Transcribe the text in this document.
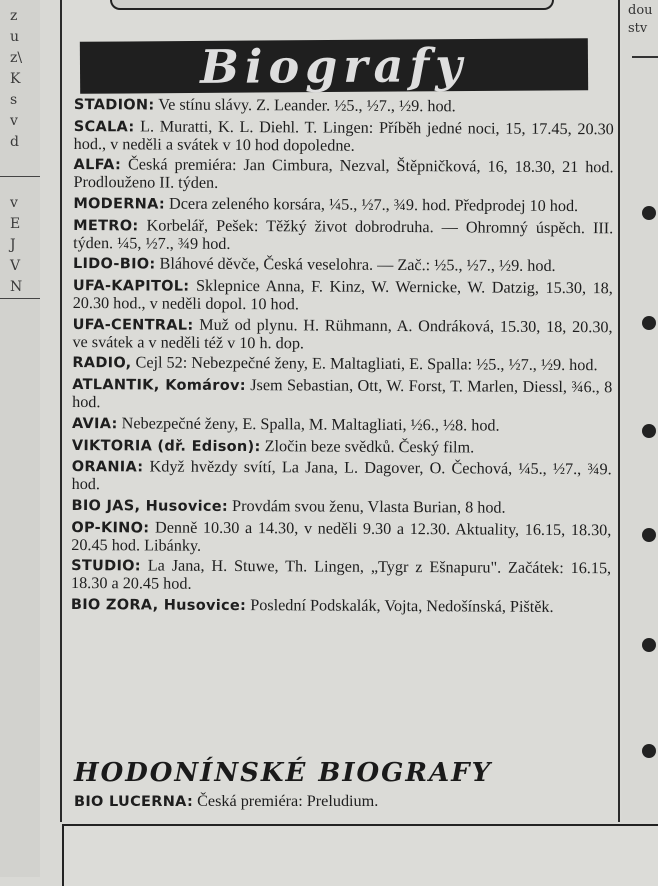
z
u
z\
K
s
v
d
v
E
J
V
N
Biografy

STADION: Ve stínu slávy. Z. Leander. ½5., ½7., ½9. hod.

SCALA: L. Muratti, K. L. Diehl. T. Lingen: Příběh jedné noci, 15, 17.45, 20.30 hod., v neděli a svátek v 10 hod dopoledne.

ALFA: Česká premiéra: Jan Cimbura, Nezval, Štěpničková, 16, 18.30, 21 hod. Prodlouženo II. týden.

MODERNA: Dcera zeleného korsára, ¼5., ½7., ¾9. hod. Předprodej 10 hod.

METRO: Korbelář, Pešek: Těžký život dobrodruha. — Ohromný úspěch. III. týden. ¼5, ½7., ¾9 hod.

LIDO-BIO: Bláhové děvče, Česká veselohra. — Zač.: ½5., ½7., ½9. hod.

UFA-KAPITOL: Sklepnice Anna, F. Kinz, W. Wernicke, W. Datzig, 15.30, 18, 20.30 hod., v neděli dopol. 10 hod.

UFA-CENTRAL: Muž od plynu. H. Rühmann, A. Ondráková, 15.30, 18, 20.30, ve svátek a v neděli též v 10 h. dop.

RADIO, Cejl 52: Nebezpečné ženy, E. Maltagliati, E. Spalla: ½5., ½7., ½9. hod.

ATLANTIK, Komárov: Jsem Sebastian, Ott, W. Forst, T. Marlen, Diessl, ¾6., 8 hod.

AVIA: Nebezpečné ženy, E. Spalla, M. Maltagliati, ½6., ½8. hod.

VIKTORIA (dř. Edison): Zločin beze svědků. Český film.

ORANIA: Když hvězdy svítí, La Jana, L. Dagover, O. Čechová, ¼5., ½7., ¾9. hod.

BIO JAS, Husovice: Provdám svou ženu, Vlasta Burian, 8 hod.

OP-KINO: Denně 10.30 a 14.30, v neděli 9.30 a 12.30. Aktuality, 16.15, 18.30, 20.45 hod. Libánky.

STUDIO: La Jana, H. Stuwe, Th. Lingen, „Tygr z Ešnapuru". Začátek: 16.15, 18.30 a 20.45 hod.

BIO ZORA, Husovice: Poslední Podskalák, Vojta, Nedošínská, Pištěk.

HODONÍNSKÉ BIOGRAFY
BIO LUCERNA: Česká premiéra: Preludium.
dou
stv
